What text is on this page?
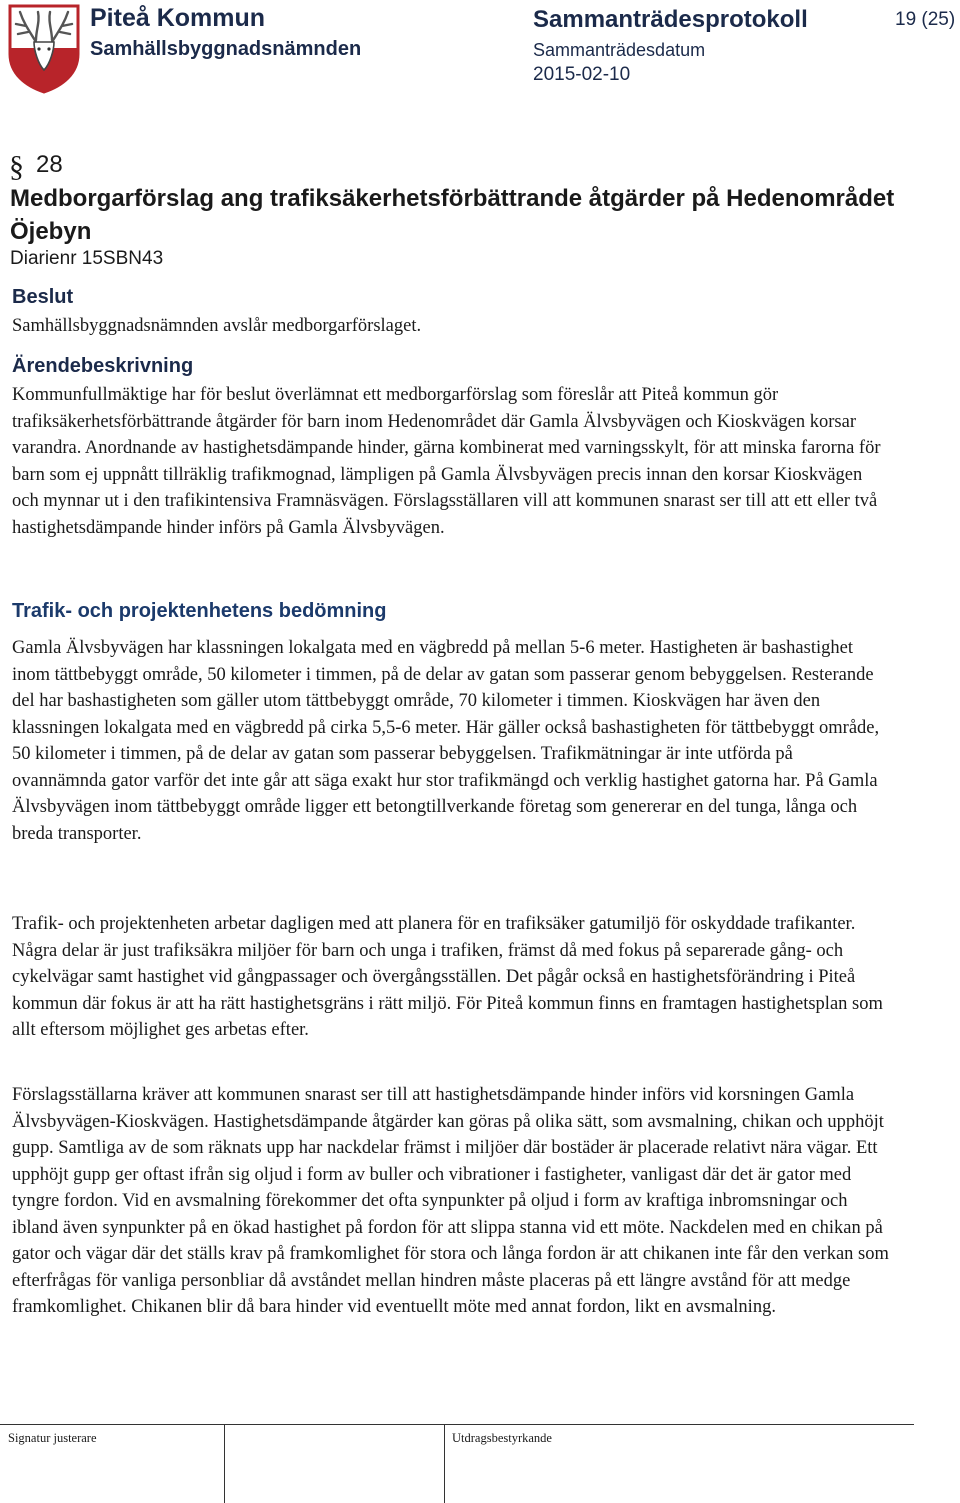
Piteå Kommun
Samhällsbyggnadsnämnden
Sammanträdesprotokoll
Sammanträdesdatum
2015-02-10
19 (25)
§ 28
Medborgarförslag ang trafiksäkerhetsförbättrande åtgärder på Hedenområdet Öjebyn
Diarienr 15SBN43
Beslut

Samhällsbyggnadsnämnden avslår medborgarförslaget.

Ärendebeskrivning

Kommunfullmäktige har för beslut överlämnat ett medborgarförslag som föreslår att Piteå kommun gör trafiksäkerhetsförbättrande åtgärder för barn inom Hedenområdet där Gamla Älvsbyvägen och Kioskvägen korsar varandra. Anordnande av hastighetsdämpande hinder, gärna kombinerat med varningsskylt, för att minska farorna för barn som ej uppnått tillräklig trafikmognad, lämpligen på Gamla Älvsbyvägen precis innan den korsar Kioskvägen och mynnar ut i den trafikintensiva Framnäsvägen. Förslagsställaren vill att kommunen snarast ser till att ett eller två hastighetsdämpande hinder införs på Gamla Älvsbyvägen.

Trafik- och projektenhetens bedömning

Gamla Älvsbyvägen har klassningen lokalgata med en vägbredd på mellan 5-6 meter. Hastigheten är bashastighet inom tättbebyggt område, 50 kilometer i timmen, på de delar av gatan som passerar genom bebyggelsen. Resterande del har bashastigheten som gäller utom tättbebyggt område, 70 kilometer i timmen. Kioskvägen har även den klassningen lokalgata med en vägbredd på cirka 5,5-6 meter. Här gäller också bashastigheten för tättbebyggt område, 50 kilometer i timmen, på de delar av gatan som passerar bebyggelsen. Trafikmätningar är inte utförda på ovannämnda gator varför det inte går att säga exakt hur stor trafikmängd och verklig hastighet gatorna har. På Gamla Älvsbyvägen inom tättbebyggt område ligger ett betongtillverkande företag som genererar en del tunga, långa och breda transporter.

Trafik- och projektenheten arbetar dagligen med att planera för en trafiksäker gatumiljö för oskyddade trafikanter. Några delar är just trafiksäkra miljöer för barn och unga i trafiken, främst då med fokus på separerade gång- och cykelvägar samt hastighet vid gångpassager och övergångsställen. Det pågår också en hastighetsförändring i Piteå kommun där fokus är att ha rätt hastighetsgräns i rätt miljö. För Piteå kommun finns en framtagen hastighetsplan som allt eftersom möjlighet ges arbetas efter.

Förslagsställarna kräver att kommunen snarast ser till att hastighetsdämpande hinder införs vid korsningen Gamla Älvsbyvägen-Kioskvägen. Hastighetsdämpande åtgärder kan göras på olika sätt, som avsmalning, chikan och upphöjt gupp. Samtliga av de som räknats upp har nackdelar främst i miljöer där bostäder är placerade relativt nära vägar. Ett upphöjt gupp ger oftast ifrån sig oljud i form av buller och vibrationer i fastigheter, vanligast där det är gator med tyngre fordon. Vid en avsmalning förekommer det ofta synpunkter på oljud i form av kraftiga inbromsningar och ibland även synpunkter på en ökad hastighet på fordon för att slippa stanna vid ett möte. Nackdelen med en chikan på gator och vägar där det ställs krav på framkomlighet för stora och långa fordon är att chikanen inte får den verkan som efterfrågas för vanliga personbliar då avståndet mellan hindren måste placeras på ett längre avstånd för att medge framkomlighet. Chikanen blir då bara hinder vid eventuellt möte med annat fordon, likt en avsmalning.

Signatur justerare	Utdragsbestyrkande
